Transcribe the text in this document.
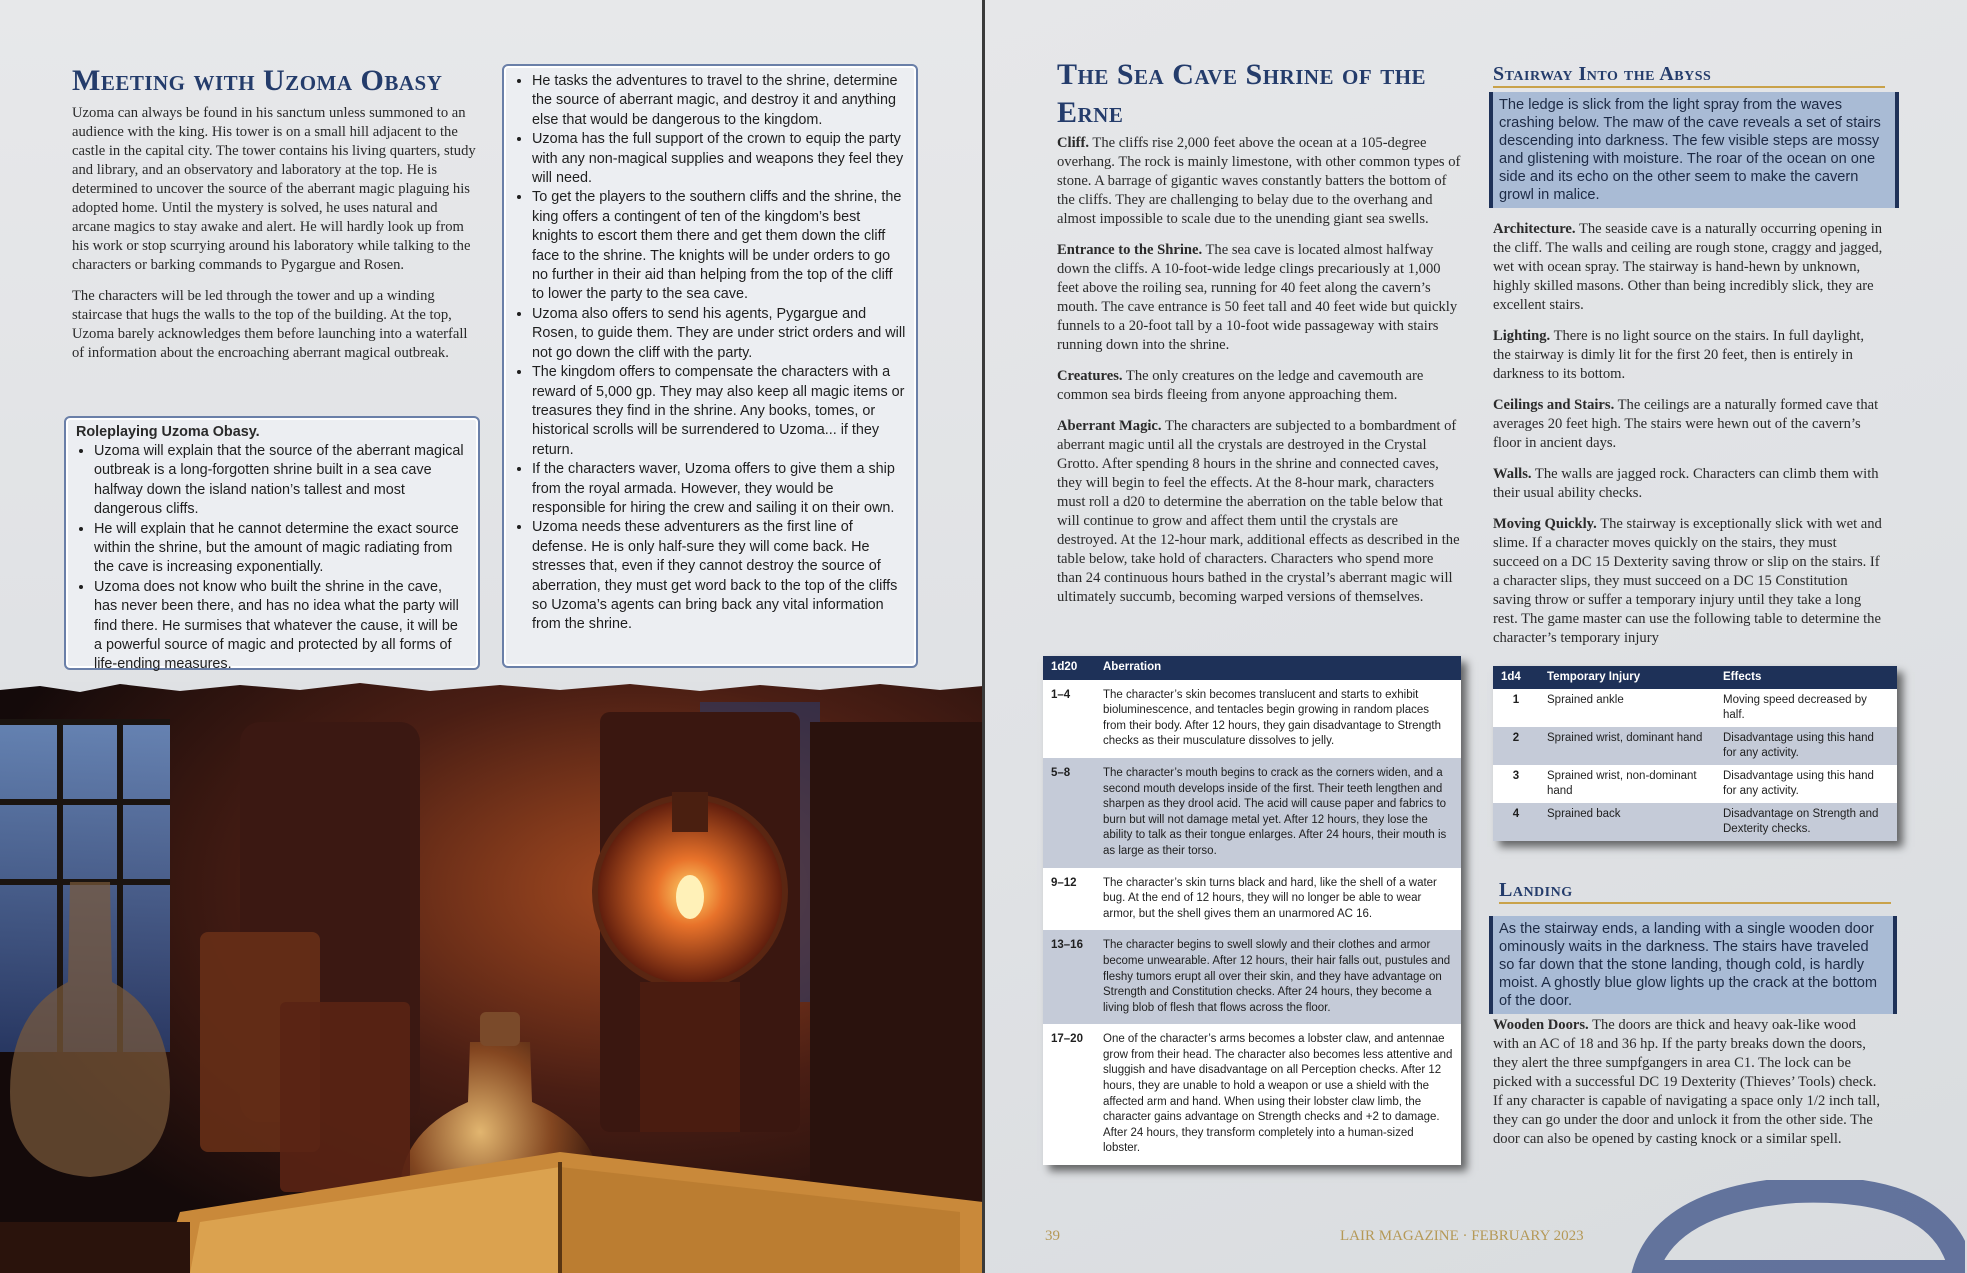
Meeting with Uzoma Obasy

Uzoma can always be found in his sanctum unless summoned to an audience with the king. His tower is on a small hill adjacent to the castle in the capital city. The tower contains his living quarters, study and library, and an observatory and laboratory at the top. He is determined to uncover the source of the aberrant magic plaguing his adopted home. Until the mystery is solved, he uses natural and arcane magics to stay awake and alert. He will hardly look up from his work or stop scurrying around his laboratory while talking to the characters or barking commands to Pygargue and Rosen.

The characters will be led through the tower and up a winding staircase that hugs the walls to the top of the building. At the top, Uzoma barely acknowledges them before launching into a waterfall of information about the encroaching aberrant magical outbreak.

Roleplaying Uzoma Obasy.
• Uzoma will explain that the source of the aberrant magical outbreak is a long-forgotten shrine built in a sea cave halfway down the island nation’s tallest and most dangerous cliffs.
• He will explain that he cannot determine the exact source within the shrine, but the amount of magic radiating from the cave is increasing exponentially.
• Uzoma does not know who built the shrine in the cave, has never been there, and has no idea what the party will find there. He surmises that whatever the cause, it will be a powerful source of magic and protected by all forms of life-ending measures.
• He tasks the adventures to travel to the shrine, determine the source of aberrant magic, and destroy it and anything else that would be dangerous to the kingdom.
• Uzoma has the full support of the crown to equip the party with any non-magical supplies and weapons they feel they will need.
• To get the players to the southern cliffs and the shrine, the king offers a contingent of ten of the kingdom’s best knights to escort them there and get them down the cliff face to the shrine. The knights will be under orders to go no further in their aid than helping from the top of the cliff to lower the party to the sea cave.
• Uzoma also offers to send his agents, Pygargue and Rosen, to guide them. They are under strict orders and will not go down the cliff with the party.
• The kingdom offers to compensate the characters with a reward of 5,000 gp. They may also keep all magic items or treasures they find in the shrine. Any books, tomes, or historical scrolls will be surrendered to Uzoma... if they return.
• If the characters waver, Uzoma offers to give them a ship from the royal armada. However, they would be responsible for hiring the crew and sailing it on their own.
• Uzoma needs these adventurers as the first line of defense. He is only half-sure they will come back. He stresses that, even if they cannot destroy the source of aberration, they must get word back to the top of the cliffs so Uzoma’s agents can bring back any vital information from the shrine.
The Sea Cave Shrine of the Erne

Cliff. The cliffs rise 2,000 feet above the ocean at a 105-degree overhang. The rock is mainly limestone, with other common types of stone. A barrage of gigantic waves constantly batters the bottom of the cliffs. They are challenging to belay due to the overhang and almost impossible to scale due to the unending giant sea swells.

Entrance to the Shrine. The sea cave is located almost halfway down the cliffs. A 10-foot-wide ledge clings precariously at 1,000 feet above the roiling sea, running for 40 feet along the cavern’s mouth. The cave entrance is 50 feet tall and 40 feet wide but quickly funnels to a 20-foot tall by a 10-foot wide passageway with stairs running down into the shrine.

Creatures. The only creatures on the ledge and cavemouth are common sea birds fleeing from anyone approaching them.

Aberrant Magic. The characters are subjected to a bombardment of aberrant magic until all the crystals are destroyed in the Crystal Grotto. After spending 8 hours in the shrine and connected caves, they will begin to feel the effects. At the 8-hour mark, characters must roll a d20 to determine the aberration on the table below that will continue to grow and affect them until the crystals are destroyed. At the 12-hour mark, additional effects as described in the table below, take hold of characters. Characters who spend more than 24 continuous hours bathed in the crystal’s aberrant magic will ultimately succumb, becoming warped versions of themselves.

1d20	Aberration
1–4	The character’s skin becomes translucent and starts to exhibit bioluminescence, and tentacles begin growing in random places from their body. After 12 hours, they gain disadvantage to Strength checks as their musculature dissolves to jelly.
5–8	The character’s mouth begins to crack as the corners widen, and a second mouth develops inside of the first. Their teeth lengthen and sharpen as they drool acid. The acid will cause paper and fabrics to burn but will not damage metal yet. After 12 hours, they lose the ability to talk as their tongue enlarges. After 24 hours, their mouth is as large as their torso.
9–12	The character’s skin turns black and hard, like the shell of a water bug. At the end of 12 hours, they will no longer be able to wear armor, but the shell gives them an unarmored AC 16.
13–16	The character begins to swell slowly and their clothes and armor become unwearable. After 12 hours, their hair falls out, pustules and fleshy tumors erupt all over their skin, and they have advantage on Strength and Constitution checks. After 24 hours, they become a living blob of flesh that flows across the floor.
17–20	One of the character’s arms becomes a lobster claw, and antennae grow from their head. The character also becomes less attentive and sluggish and have disadvantage on all Perception checks. After 12 hours, they are unable to hold a weapon or use a shield with the affected arm and hand. When using their lobster claw limb, the character gains advantage on Strength checks and +2 to damage. After 24 hours, they transform completely into a human-sized lobster.
Stairway Into the Abyss
The ledge is slick from the light spray from the waves crashing below. The maw of the cave reveals a set of stairs descending into darkness. The few visible steps are mossy and glistening with moisture. The roar of the ocean on one side and its echo on the other seem to make the cavern growl in malice.

Architecture. The seaside cave is a naturally occurring opening in the cliff. The walls and ceiling are rough stone, craggy and jagged, wet with ocean spray. The stairway is hand-hewn by unknown, highly skilled masons. Other than being incredibly slick, they are excellent stairs.

Lighting. There is no light source on the stairs. In full daylight, the stairway is dimly lit for the first 20 feet, then is entirely in darkness to its bottom.

Ceilings and Stairs. The ceilings are a naturally formed cave that averages 20 feet high. The stairs were hewn out of the cavern’s floor in ancient days.

Walls. The walls are jagged rock. Characters can climb them with their usual ability checks.

Moving Quickly. The stairway is exceptionally slick with wet and slime. If a character moves quickly on the stairs, they must succeed on a DC 15 Dexterity saving throw or slip on the stairs. If a character slips, they must succeed on a DC 15 Constitution saving throw or suffer a temporary injury until they take a long rest. The game master can use the following table to determine the character’s temporary injury

1d4	Temporary Injury	Effects
1	Sprained ankle	Moving speed decreased by half.
2	Sprained wrist, dominant hand	Disadvantage using this hand for any activity.
3	Sprained wrist, non-dominant hand	Disadvantage using this hand for any activity.
4	Sprained back	Disadvantage on Strength and Dexterity checks.
Landing
As the stairway ends, a landing with a single wooden door ominously waits in the darkness. The stairs have traveled so far down that the stone landing, though cold, is hardly moist. A ghostly blue glow lights up the crack at the bottom of the door.

Wooden Doors. The doors are thick and heavy oak-like wood with an AC of 18 and 36 hp. If the party breaks down the doors, they alert the three sumpfgangers in area C1. The lock can be picked with a successful DC 19 Dexterity (Thieves’ Tools) check. If any character is capable of navigating a space only 1/2 inch tall, they can go under the door and unlock it from the other side. The door can also be opened by casting knock or a similar spell.

39	LAIR MAGAZINE · FEBRUARY 2023
